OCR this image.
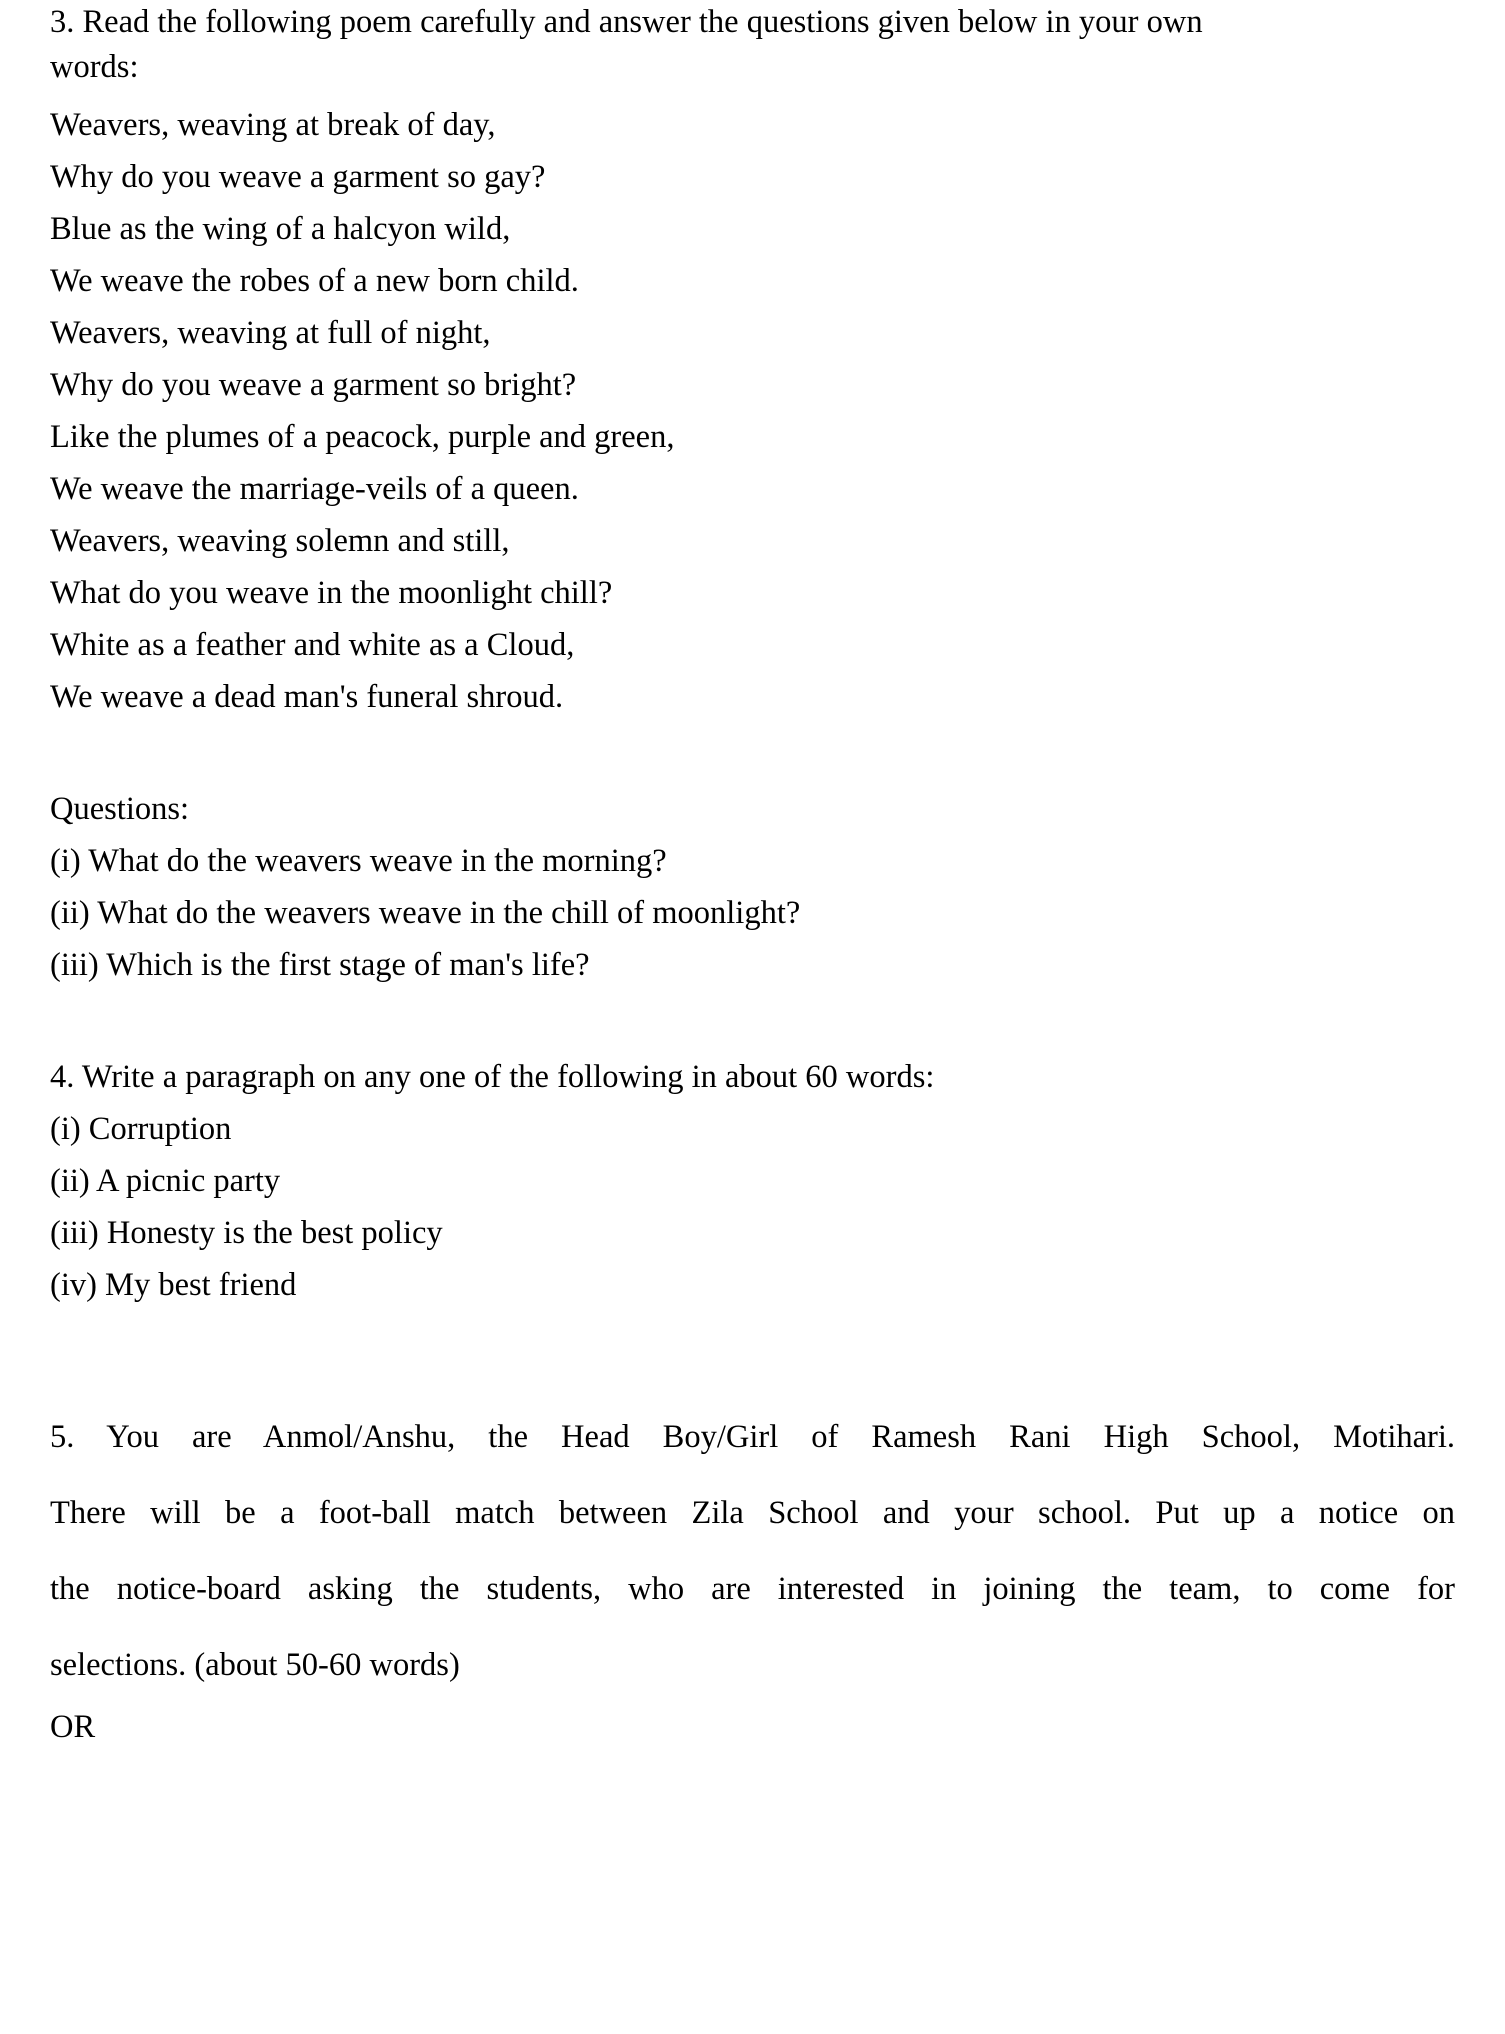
3. Read the following poem carefully and answer the questions given below in your own
words:

Weavers, weaving at break of day,

Why do you weave a garment so gay?

Blue as the wing of a halcyon wild,

We weave the robes of a new born child.

Weavers, weaving at full of night,

Why do you weave a garment so bright?

Like the plumes of a peacock, purple and green,

We weave the marriage-veils of a queen.

Weavers, weaving solemn and still,

What do you weave in the moonlight chill?

White as a feather and white as a Cloud,

We weave a dead man's funeral shroud.

Questions:

(i) What do the weavers weave in the morning?

(ii) What do the weavers weave in the chill of moonlight?

(iii) Which is the first stage of man's life?

4. Write a paragraph on any one of the following in about 60 words:

(i) Corruption

(ii) A picnic party

(iii) Honesty is the best policy

(iv) My best friend

5. You are Anmol/Anshu, the Head Boy/Girl of Ramesh Rani High School, Motihari. There will be a foot-ball match between Zila School and your school. Put up a notice on the notice-board asking the students, who are interested in joining the team, to come for selections. (about 50-60 words)

OR
